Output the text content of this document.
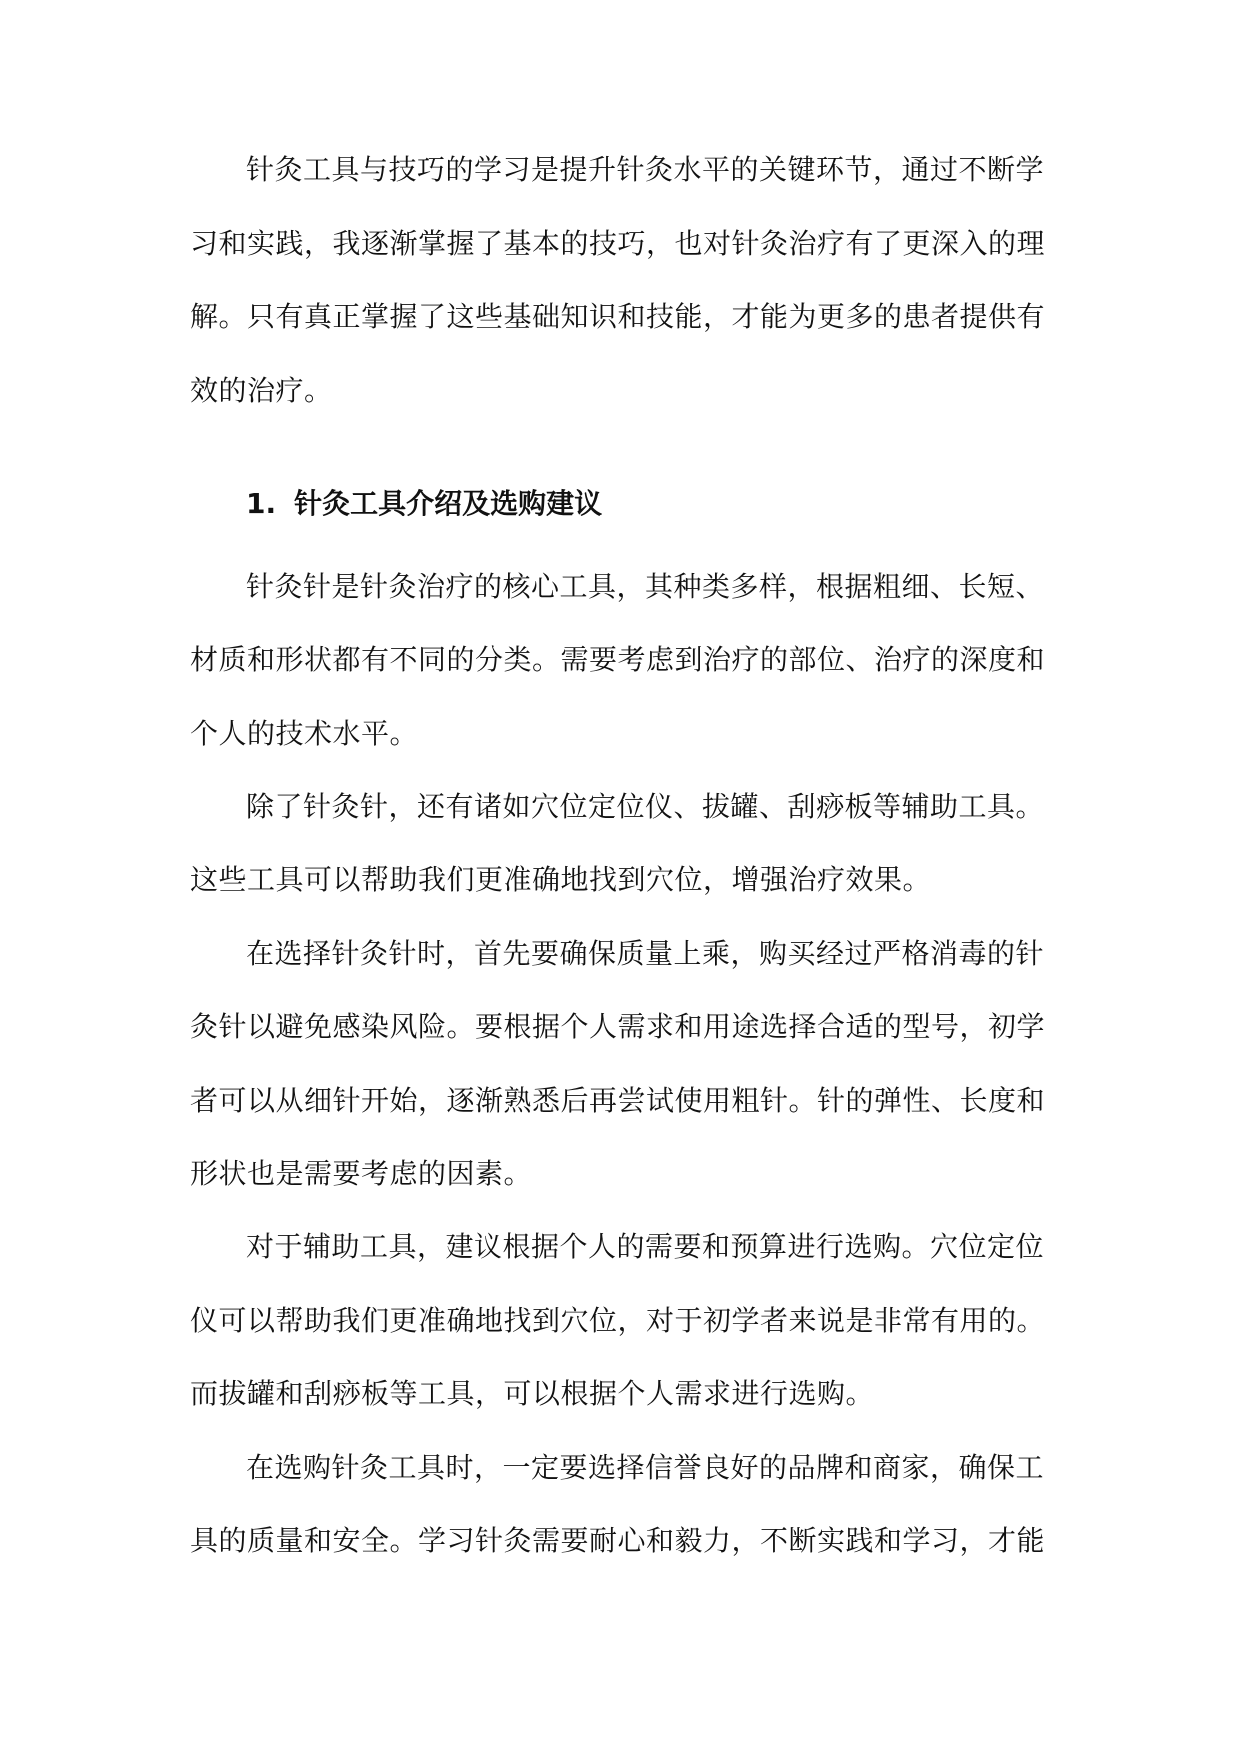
针灸工具与技巧的学习是提升针灸水平的关键环节，通过不断学
习和实践，我逐渐掌握了基本的技巧，也对针灸治疗有了更深入的理
解。只有真正掌握了这些基础知识和技能，才能为更多的患者提供有
效的治疗。
1. 针灸工具介绍及选购建议
针灸针是针灸治疗的核心工具，其种类多样，根据粗细、长短、
材质和形状都有不同的分类。需要考虑到治疗的部位、治疗的深度和
个人的技术水平。
除了针灸针，还有诸如穴位定位仪、拔罐、刮痧板等辅助工具。
这些工具可以帮助我们更准确地找到穴位，增强治疗效果。
在选择针灸针时，首先要确保质量上乘，购买经过严格消毒的针
灸针以避免感染风险。要根据个人需求和用途选择合适的型号，初学
者可以从细针开始，逐渐熟悉后再尝试使用粗针。针的弹性、长度和
形状也是需要考虑的因素。
对于辅助工具，建议根据个人的需要和预算进行选购。穴位定位
仪可以帮助我们更准确地找到穴位，对于初学者来说是非常有用的。
而拔罐和刮痧板等工具，可以根据个人需求进行选购。
在选购针灸工具时，一定要选择信誉良好的品牌和商家，确保工
具的质量和安全。学习针灸需要耐心和毅力，不断实践和学习，才能
